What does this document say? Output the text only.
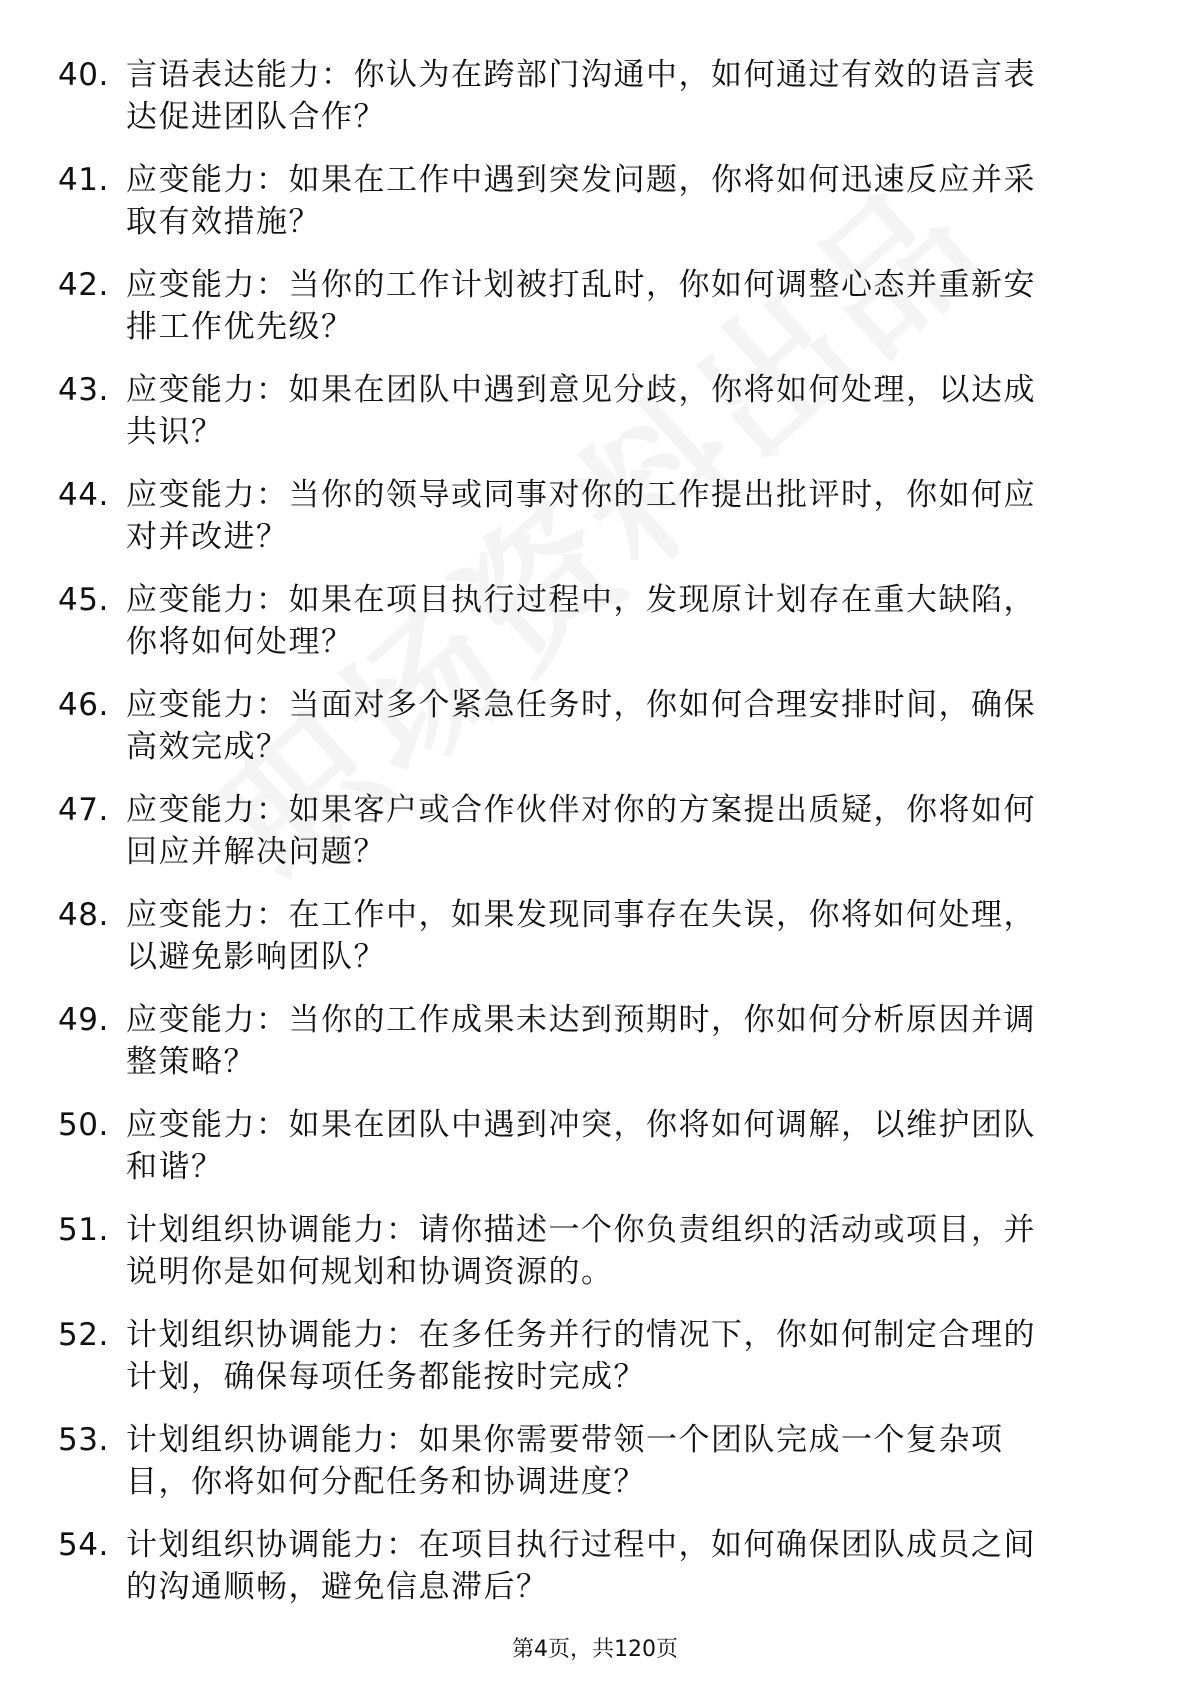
40. 言语表达能力：你认为在跨部门沟通中，如何通过有效的语言表
达促进团队合作？
41. 应变能力：如果在工作中遇到突发问题，你将如何迅速反应并采
取有效措施？
42. 应变能力：当你的工作计划被打乱时，你如何调整心态并重新安
排工作优先级？
43. 应变能力：如果在团队中遇到意见分歧，你将如何处理，以达成
共识？
44. 应变能力：当你的领导或同事对你的工作提出批评时，你如何应
对并改进？
45. 应变能力：如果在项目执行过程中，发现原计划存在重大缺陷，
你将如何处理？
46. 应变能力：当面对多个紧急任务时，你如何合理安排时间，确保
高效完成？
47. 应变能力：如果客户或合作伙伴对你的方案提出质疑，你将如何
回应并解决问题？
48. 应变能力：在工作中，如果发现同事存在失误，你将如何处理，
以避免影响团队？
49. 应变能力：当你的工作成果未达到预期时，你如何分析原因并调
整策略？
50. 应变能力：如果在团队中遇到冲突，你将如何调解，以维护团队
和谐？
51. 计划组织协调能力：请你描述一个你负责组织的活动或项目，并
说明你是如何规划和协调资源的。
52. 计划组织协调能力：在多任务并行的情况下，你如何制定合理的
计划，确保每项任务都能按时完成？
53. 计划组织协调能力：如果你需要带领一个团队完成一个复杂项
目，你将如何分配任务和协调进度？
54. 计划组织协调能力：在项目执行过程中，如何确保团队成员之间
的沟通顺畅，避免信息滞后？
第4页，共120页
